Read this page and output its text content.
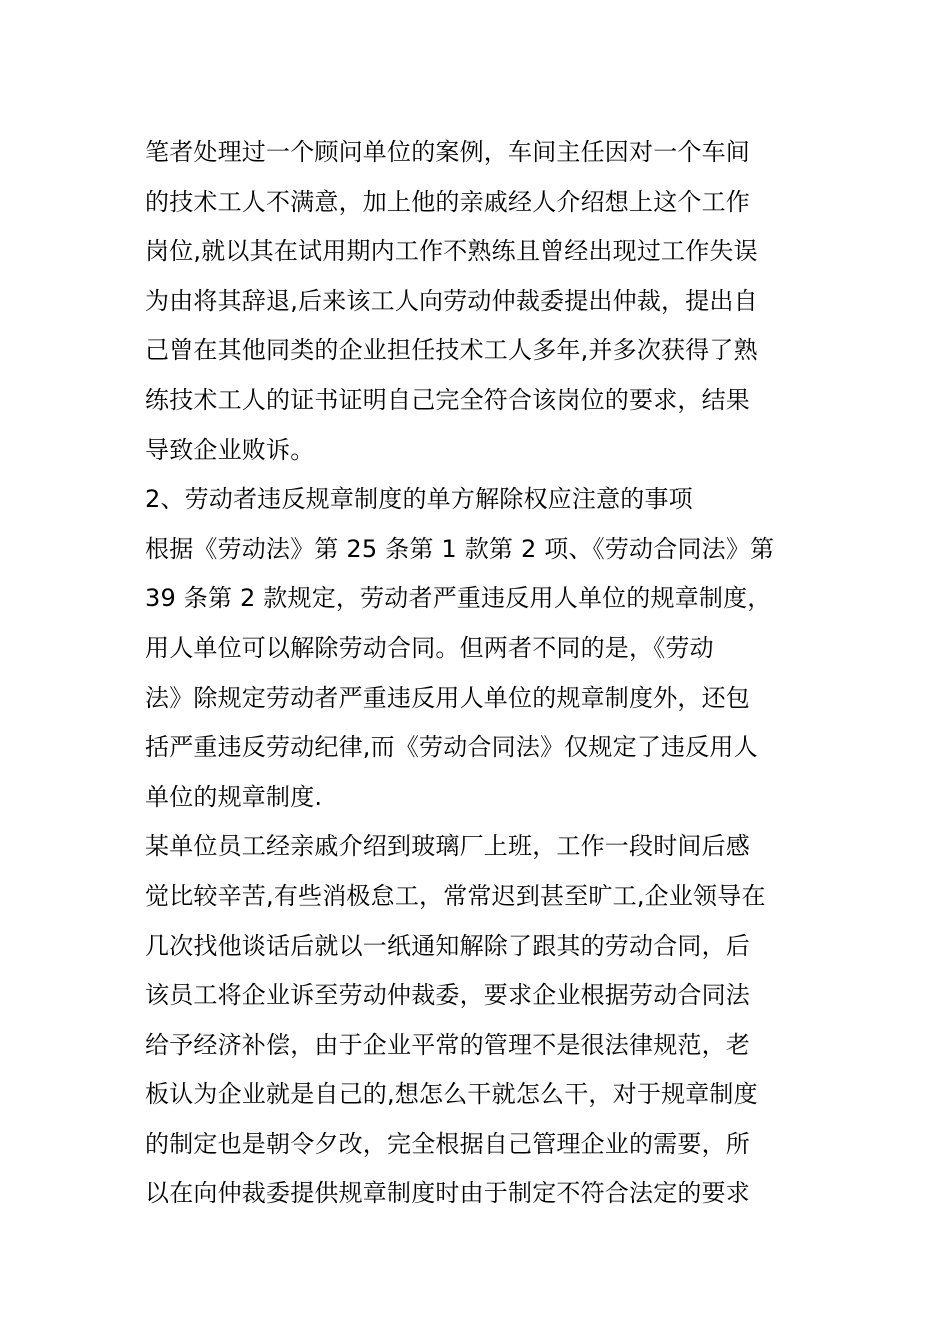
笔者处理过一个顾问单位的案例，车间主任因对一个车间
的技术工人不满意，加上他的亲戚经人介绍想上这个工作
岗位,就以其在试用期内工作不熟练且曾经出现过工作失误
为由将其辞退,后来该工人向劳动仲裁委提出仲裁，提出自
己曾在其他同类的企业担任技术工人多年,并多次获得了熟
练技术工人的证书证明自己完全符合该岗位的要求，结果
导致企业败诉。
2、劳动者违反规章制度的单方解除权应注意的事项
根据《劳动法》第 25 条第 1 款第 2 项、《劳动合同法》第
39 条第 2 款规定，劳动者严重违反用人单位的规章制度，
用人单位可以解除劳动合同。但两者不同的是，《劳动
法》除规定劳动者严重违反用人单位的规章制度外，还包
括严重违反劳动纪律,而《劳动合同法》仅规定了违反用人
单位的规章制度.
某单位员工经亲戚介绍到玻璃厂上班，工作一段时间后感
觉比较辛苦,有些消极怠工，常常迟到甚至旷工,企业领导在
几次找他谈话后就以一纸通知解除了跟其的劳动合同，后
该员工将企业诉至劳动仲裁委，要求企业根据劳动合同法
给予经济补偿，由于企业平常的管理不是很法律规范，老
板认为企业就是自己的,想怎么干就怎么干，对于规章制度
的制定也是朝令夕改，完全根据自己管理企业的需要，所
以在向仲裁委提供规章制度时由于制定不符合法定的要求
